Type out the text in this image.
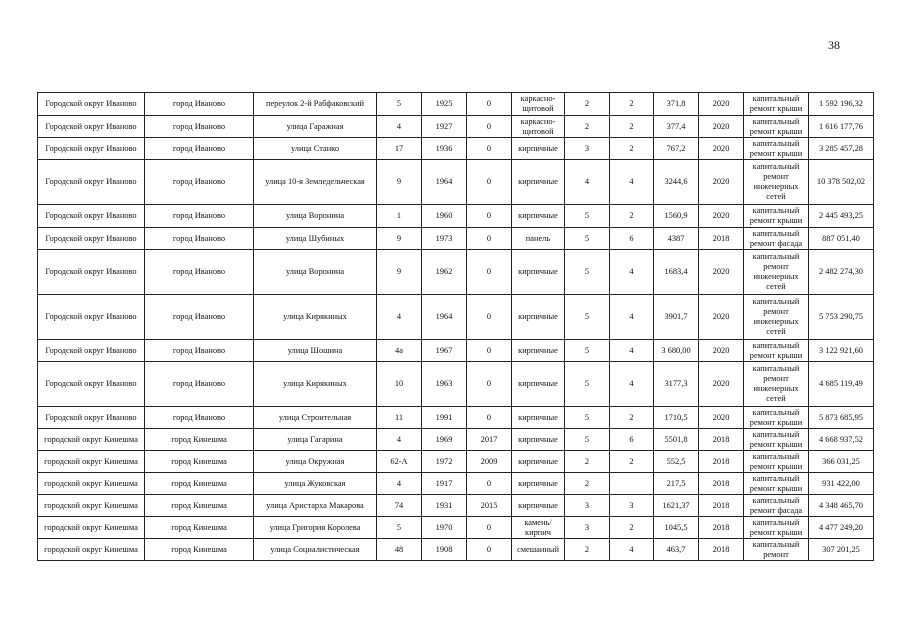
38
Городской округ Иваново	город Иваново	переулок 2-й Рабфаковский	5	1925	0	каркасно-щитовой	2	2	371,8	2020	капитальный ремонт крыши	1 592 196,32
Городской округ Иваново	город Иваново	улица Гаражная	4	1927	0	каркасно-щитовой	2	2	377,4	2020	капитальный ремонт крыши	1 616 177,76
Городской округ Иваново	город Иваново	улица Станко	17	1936	0	кирпичные	3	2	767,2	2020	капитальный ремонт крыши	3 285 457,28
Городской округ Иваново	город Иваново	улица 10-я Земледельческая	9	1964	0	кирпичные	4	4	3244,6	2020	капитальный ремонт инженерных сетей	10 378 502,02
Городской округ Иваново	город Иваново	улица Воронина	1	1960	0	кирпичные	5	2	1560,9	2020	капитальный ремонт крыши	2 445 493,25
Городской округ Иваново	город Иваново	улица Шубиных	9	1973	0	панель	5	6	4387	2018	капитальный ремонт фасада	887 051,40
Городской округ Иваново	город Иваново	улица Воронина	9	1962	0	кирпичные	5	4	1683,4	2020	капитальный ремонт инженерных сетей	2 482 274,30
Городской округ Иваново	город Иваново	улица Кирякиных	4	1964	0	кирпичные	5	4	3901,7	2020	капитальный ремонт инженерных сетей	5 753 290,75
Городской округ Иваново	город Иваново	улица Шошина	4а	1967	0	кирпичные	5	4	3 680,00	2020	капитальный ремонт крыши	3 122 921,60
Городской округ Иваново	город Иваново	улица Кирякиных	10	1963	0	кирпичные	5	4	3177,3	2020	капитальный ремонт инженерных сетей	4 685 119,49
Городской округ Иваново	город Иваново	улица Строительная	11	1991	0	кирпичные	5	2	1710,5	2020	капитальный ремонт крыши	5 873 685,95
городской округ Кинешма	город Кинешма	улица Гагарина	4	1969	2017	кирпичные	5	6	5501,8	2018	капитальный ремонт крыши	4 668 937,52
городской округ Кинешма	город Кинешма	улица Окружная	62-А	1972	2009	кирпичные	2	2	552,5	2018	капитальный ремонт крыши	366 031,25
городской округ Кинешма	город Кинешма	улица Жуковская	4	1917	0	кирпичные	2		217,5	2018	капитальный ремонт крыши	931 422,00
городской округ Кинешма	город Кинешма	улица Аристарха Макарова	74	1931	2015	кирпичные	3	3	1621,37	2018	капитальный ремонт фасада	4 348 465,70
городской округ Кинешма	город Кинешма	улица Григория Королева	5	1970	0	камень/кирпич	3	2	1045,5	2018	капитальный ремонт крыши	4 477 249,20
городской округ Кинешма	город Кинешма	улица Социалистическая	48	1908	0	смешанный	2	4	463,7	2018	капитальный ремонт	307 201,25
